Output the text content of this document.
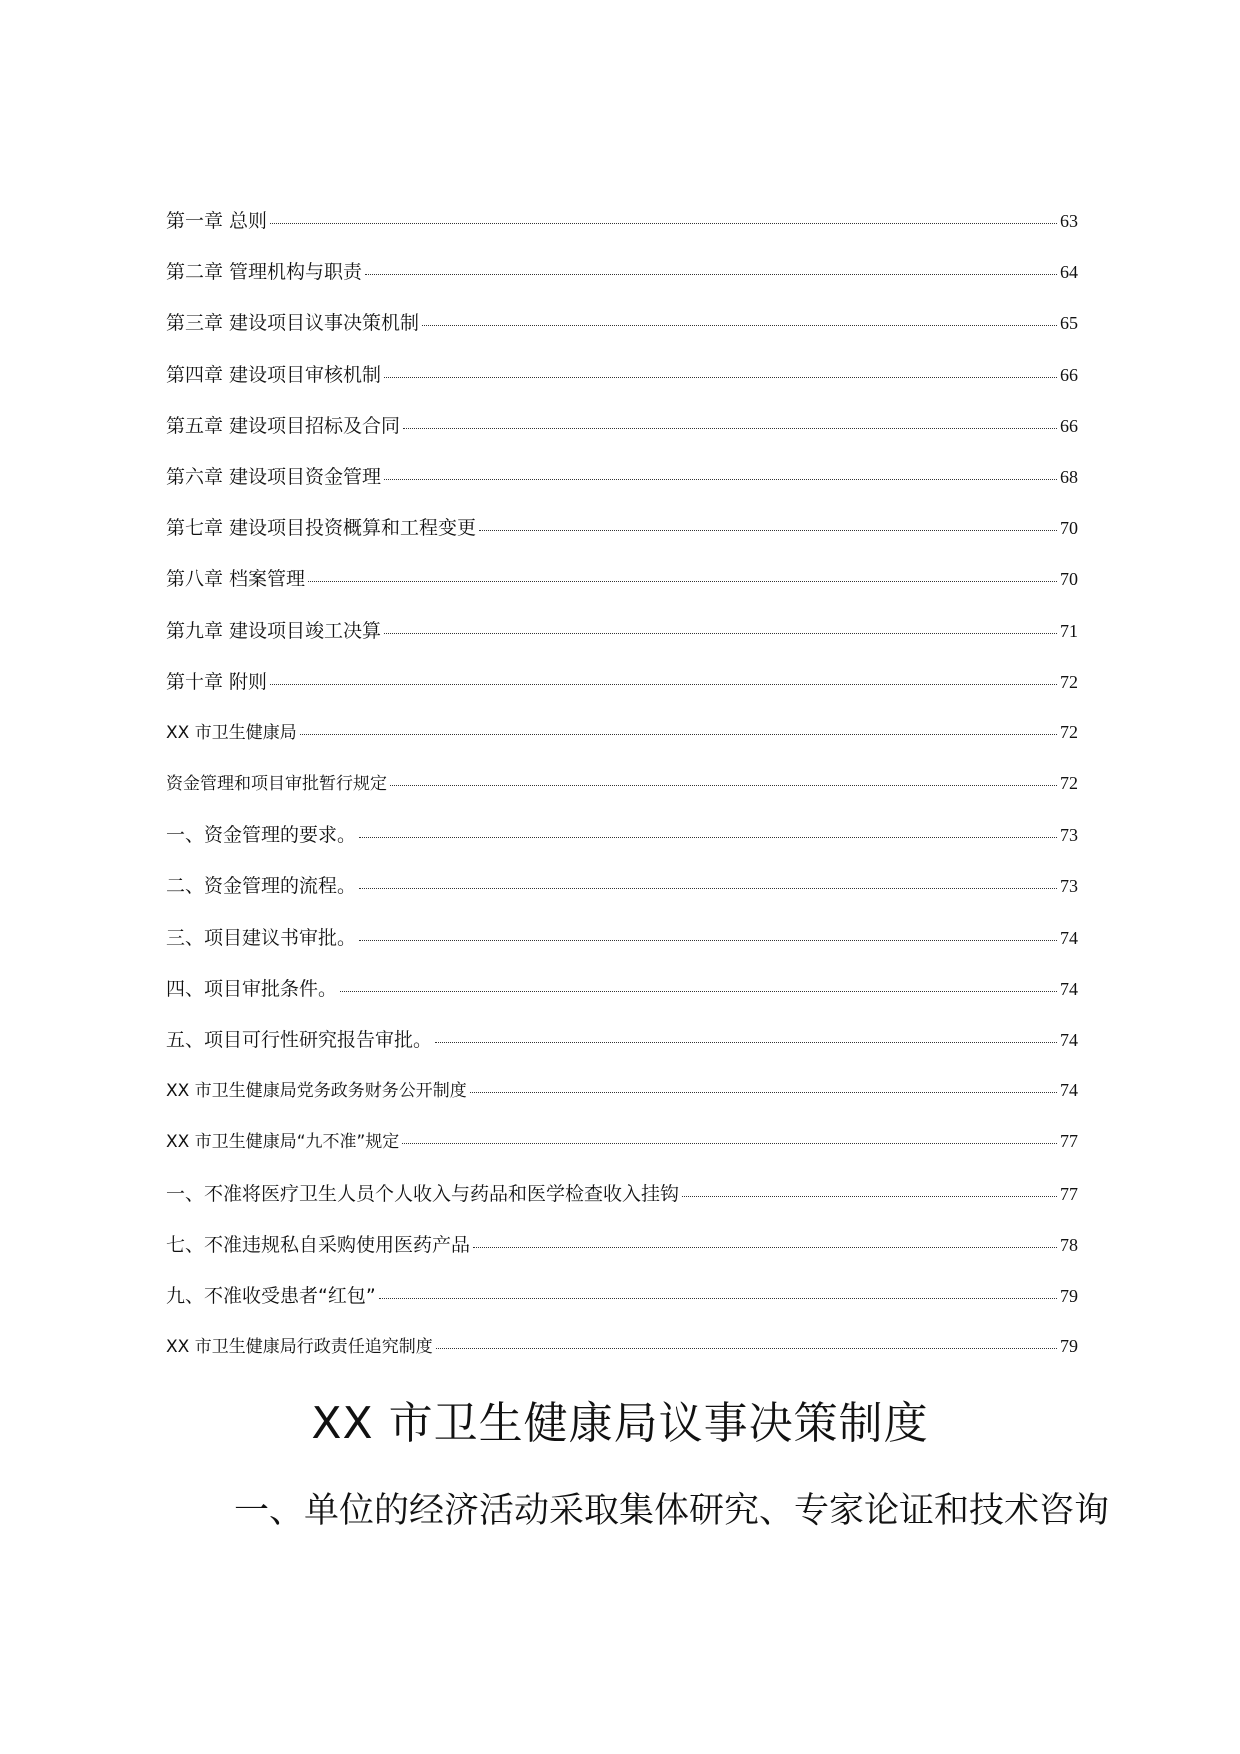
第一章 总则	63
第二章 管理机构与职责	64
第三章 建设项目议事决策机制	65
第四章 建设项目审核机制	66
第五章 建设项目招标及合同	66
第六章 建设项目资金管理	68
第七章 建设项目投资概算和工程变更	70
第八章 档案管理	70
第九章 建设项目竣工决算	71
第十章 附则	72
XX 市卫生健康局	72
资金管理和项目审批暂行规定	72
一、资金管理的要求。	73
二、资金管理的流程。	73
三、项目建议书审批。	74
四、项目审批条件。	74
五、项目可行性研究报告审批。	74
XX 市卫生健康局党务政务财务公开制度	74
XX 市卫生健康局“九不准”规定	77
一、不准将医疗卫生人员个人收入与药品和医学检查收入挂钩	77
七、不准违规私自采购使用医药产品	78
九、不准收受患者“红包”	79
XX 市卫生健康局行政责任追究制度	79
XX 市卫生健康局议事决策制度
一、单位的经济活动采取集体研究、专家论证和技术咨询
